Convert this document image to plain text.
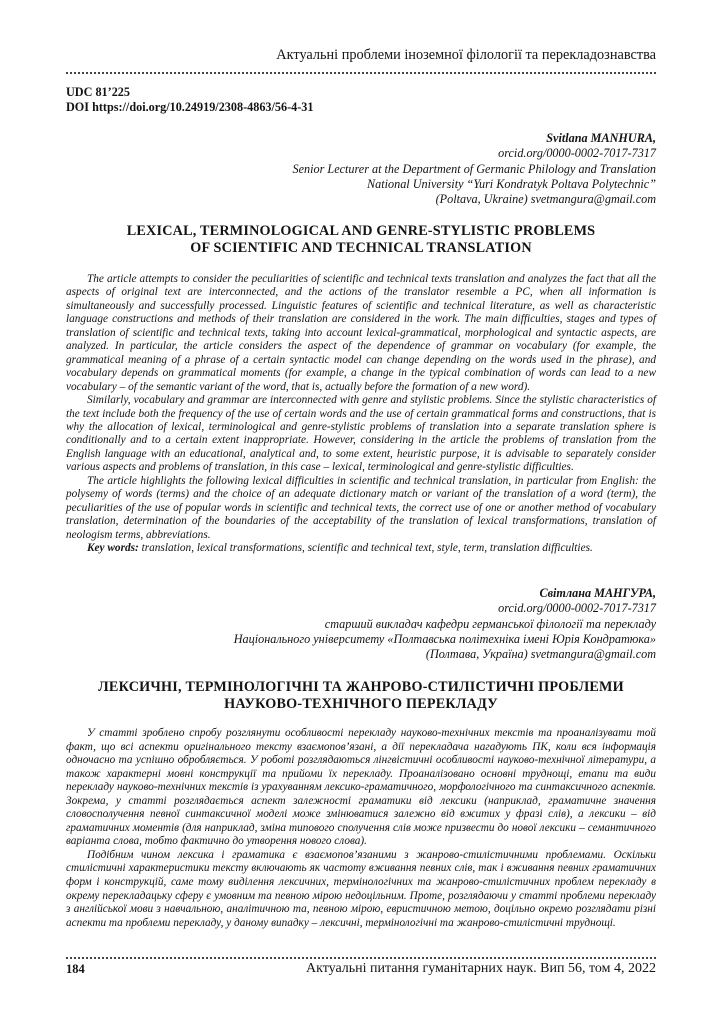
Актуальні проблеми іноземної філології та перекладознавства
UDC 81’225
DOI https://doi.org/10.24919/2308-4863/56-4-31
Svitlana MANHURA,
orcid.org/0000-0002-7017-7317
Senior Lecturer at the Department of Germanic Philology and Translation
National University “Yuri Kondratyk Poltava Polytechnic”
(Poltava, Ukraine) svetmangura@gmail.com
LEXICAL, TERMINOLOGICAL AND GENRE-STYLISTIC PROBLEMS
OF SCIENTIFIC AND TECHNICAL TRANSLATION

The article attempts to consider the peculiarities of scientific and technical texts translation and analyzes the fact that all the aspects of original text are interconnected, and the actions of the translator resemble a PC, when all information is simultaneously and successfully processed. Linguistic features of scientific and technical literature, as well as characteristic language constructions and methods of their translation are considered in the work. The main difficulties, stages and types of translation of scientific and technical texts, taking into account lexical-grammatical, morphological and syntactic aspects, are analyzed. In particular, the article considers the aspect of the dependence of grammar on vocabulary (for example, the grammatical meaning of a phrase of a certain syntactic model can change depending on the words used in the phrase), and vocabulary depends on grammatical moments (for example, a change in the typical combination of words can lead to a new vocabulary – of the semantic variant of the word, that is, actually before the formation of a new word).

Similarly, vocabulary and grammar are interconnected with genre and stylistic problems. Since the stylistic characteristics of the text include both the frequency of the use of certain words and the use of certain grammatical forms and constructions, that is why the allocation of lexical, terminological and genre-stylistic problems of translation into a separate translation sphere is conditionally and to a certain extent inappropriate. However, considering in the article the problems of translation from the English language with an educational, analytical and, to some extent, heuristic purpose, it is advisable to separately consider various aspects and problems of translation, in this case – lexical, terminological and genre-stylistic difficulties.

The article highlights the following lexical difficulties in scientific and technical translation, in particular from English: the polysemy of words (terms) and the choice of an adequate dictionary match or variant of the translation of a word (term), the peculiarities of the use of popular words in scientific and technical texts, the correct use of one or another method of vocabulary translation, determination of the boundaries of the acceptability of the translation of lexical transformations, translation of neologism terms, abbreviations.

Key words: translation, lexical transformations, scientific and technical text, style, term, translation difficulties.

Світлана МАНГУРА,
orcid.org/0000-0002-7017-7317
старший викладач кафедри германської філології та перекладу
Національного університету «Полтавська політехніка імені Юрія Кондратюка»
(Полтава, Україна) svetmangura@gmail.com
ЛЕКСИЧНІ, ТЕРМІНОЛОГІЧНІ ТА ЖАНРОВО-СТИЛІСТИЧНІ ПРОБЛЕМИ
НАУКОВО-ТЕХНІЧНОГО ПЕРЕКЛАДУ

У статті зроблено спробу розглянути особливості перекладу науково-технічних текстів та проаналізувати той факт, що всі аспекти оригінального тексту взаємопов’язані, а дії перекладача нагадують ПК, коли вся інформація одночасно та успішно обробляється. У роботі розглядаються лінгвістичні особливості науково-технічної літератури, а також характерні мовні конструкції та прийоми їх перекладу. Проаналізовано основні труднощі, етапи та види перекладу науково-технічних текстів із урахуванням лексико-граматичного, морфологічного та синтаксичного аспектів. Зокрема, у статті розглядається аспект залежності граматики від лексики (наприклад, граматичне значення словосполучення певної синтаксичної моделі може змінюватися залежно від вжитих у фразі слів), а лексики – від граматичних моментів (для наприклад, зміна типового сполучення слів може призвести до нової лексики – семантичного варіанта слова, тобто фактично до утворення нового слова).

Подібним чином лексика і граматика є взаємопов’язаними з жанрово-стилістичними проблемами. Оскільки стилістичні характеристики тексту включають як частоту вживання певних слів, так і вживання певних граматичних форм і конструкцій, саме тому виділення лексичних, термінологічних та жанрово-стилістичних проблем перекладу в окрему перекладацьку сферу є умовним та певною мірою недоцільним. Проте, розглядаючи у статті проблеми перекладу з англійської мови з навчальною, аналітичною та, певною мірою, евристичною метою, доцільно окремо розглядати різні аспекти та проблеми перекладу, у даному випадку – лексичні, термінологічні та жанрово-стилістичні труднощі.

184	Актуальні питання гуманітарних наук. Вип 56, том 4, 2022
